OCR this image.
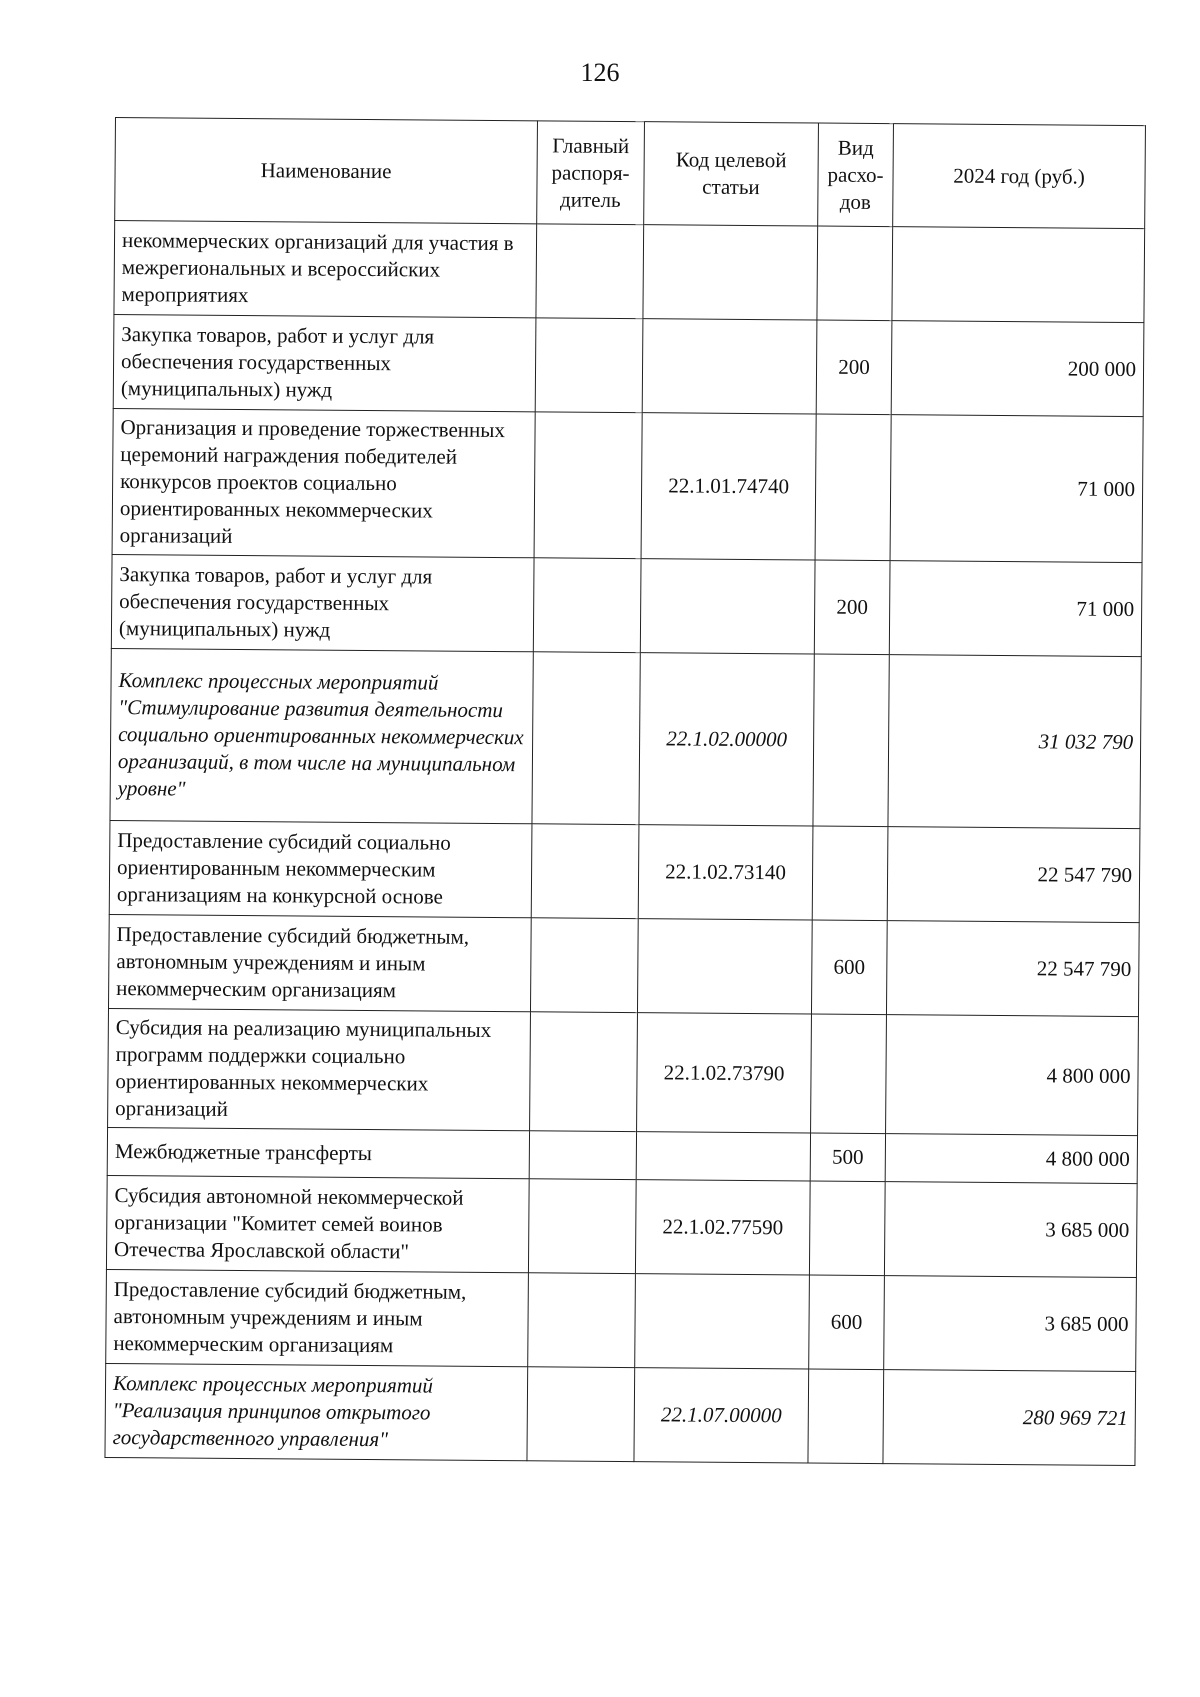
126
Наименование	Главный распоря-дитель	Код целевой статьи	Вид расхо-дов	2024 год (руб.)
некоммерческих организаций для участия в межрегиональных и всероссийских мероприятиях				
Закупка товаров, работ и услуг для обеспечения государственных (муниципальных) нужд			200	200 000
Организация и проведение торжественных церемоний награждения победителей конкурсов проектов социально ориентированных некоммерческих организаций		22.1.01.74740		71 000
Закупка товаров, работ и услуг для обеспечения государственных (муниципальных) нужд			200	71 000
Комплекс процессных мероприятий "Стимулирование развития деятельности социально ориентированных некоммерческих организаций, в том числе на муниципальном уровне"		22.1.02.00000		31 032 790
Предоставление субсидий социально ориентированным некоммерческим организациям на конкурсной основе		22.1.02.73140		22 547 790
Предоставление субсидий бюджетным, автономным учреждениям и иным некоммерческим организациям			600	22 547 790
Субсидия на реализацию муниципальных программ поддержки социально ориентированных некоммерческих организаций		22.1.02.73790		4 800 000
Межбюджетные трансферты			500	4 800 000
Субсидия автономной некоммерческой организации "Комитет семей воинов Отечества Ярославской области"		22.1.02.77590		3 685 000
Предоставление субсидий бюджетным, автономным учреждениям и иным некоммерческим организациям			600	3 685 000
Комплекс процессных мероприятий "Реализация принципов открытого государственного управления"		22.1.07.00000		280 969 721
